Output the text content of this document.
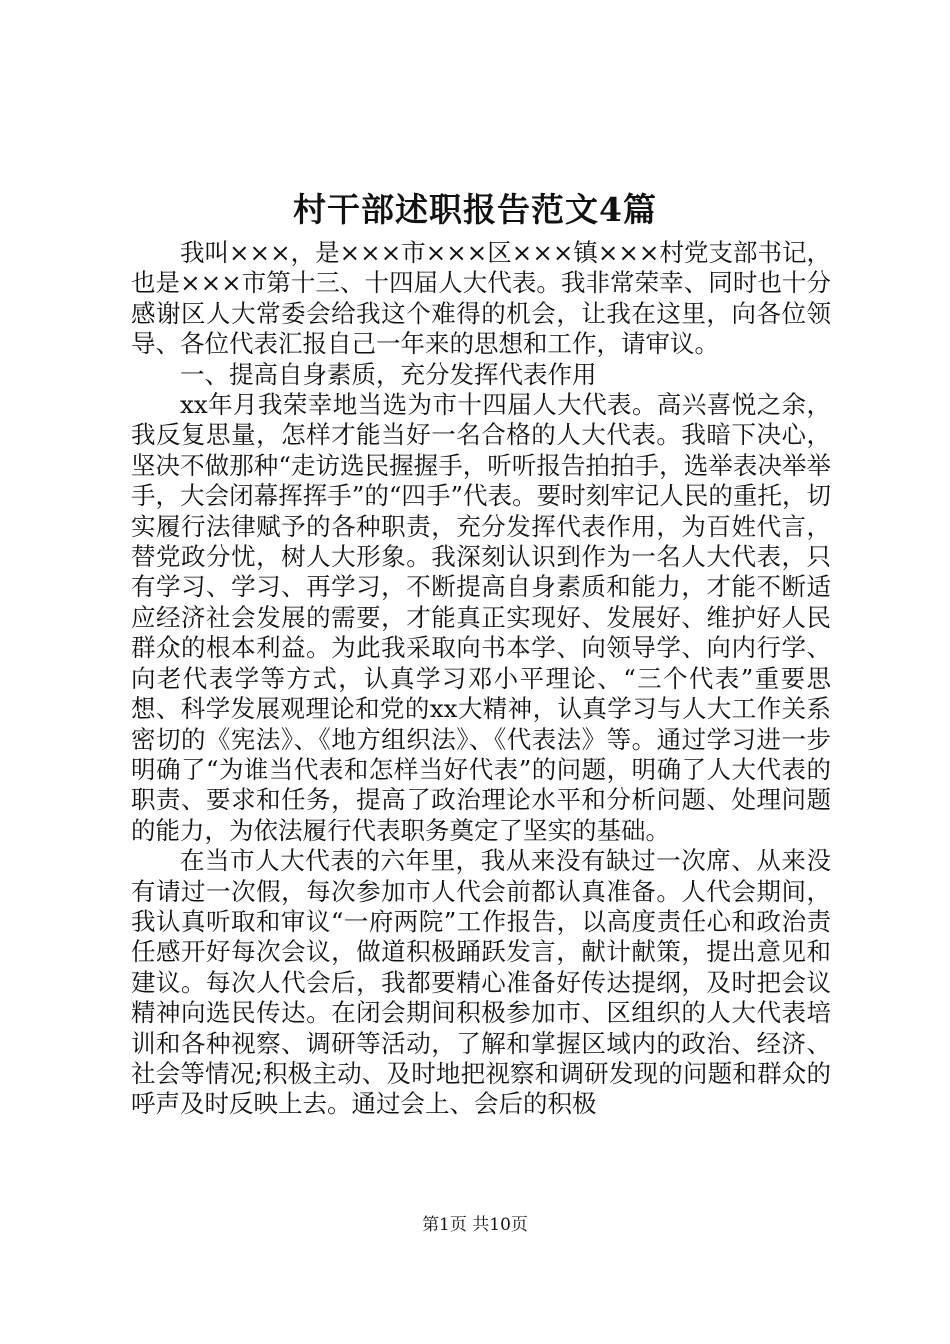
村干部述职报告范文4篇

我叫×××，是×××市×××区×××镇×××村党支部书记，也是×××市第十三、十四届人大代表。我非常荣幸、同时也十分感谢区人大常委会给我这个难得的机会，让我在这里，向各位领导、各位代表汇报自己一年来的思想和工作，请审议。

一、提高自身素质，充分发挥代表作用

xx年月我荣幸地当选为市十四届人大代表。高兴喜悦之余，我反复思量，怎样才能当好一名合格的人大代表。我暗下决心，坚决不做那种“走访选民握握手，听听报告拍拍手，选举表决举举手，大会闭幕挥挥手”的“四手”代表。要时刻牢记人民的重托，切实履行法律赋予的各种职责，充分发挥代表作用，为百姓代言，替党政分忧，树人大形象。我深刻认识到作为一名人大代表，只有学习、学习、再学习，不断提高自身素质和能力，才能不断适应经济社会发展的需要，才能真正实现好、发展好、维护好人民群众的根本利益。为此我采取向书本学、向领导学、向内行学、向老代表学等方式，认真学习邓小平理论、“三个代表”重要思想、科学发展观理论和党的xx大精神，认真学习与人大工作关系密切的《宪法》、《地方组织法》、《代表法》等。通过学习进一步明确了“为谁当代表和怎样当好代表”的问题，明确了人大代表的职责、要求和任务，提高了政治理论水平和分析问题、处理问题的能力，为依法履行代表职务奠定了坚实的基础。

在当市人大代表的六年里，我从来没有缺过一次席、从来没有请过一次假，每次参加市人代会前都认真准备。人代会期间，我认真听取和审议“一府两院”工作报告，以高度责任心和政治责任感开好每次会议，做道积极踊跃发言，献计献策，提出意见和建议。每次人代会后，我都要精心准备好传达提纲，及时把会议精神向选民传达。在闭会期间积极参加市、区组织的人大代表培训和各种视察、调研等活动，了解和掌握区域内的政治、经济、社会等情况;积极主动、及时地把视察和调研发现的问题和群众的呼声及时反映上去。通过会上、会后的积极

第1页 共10页
